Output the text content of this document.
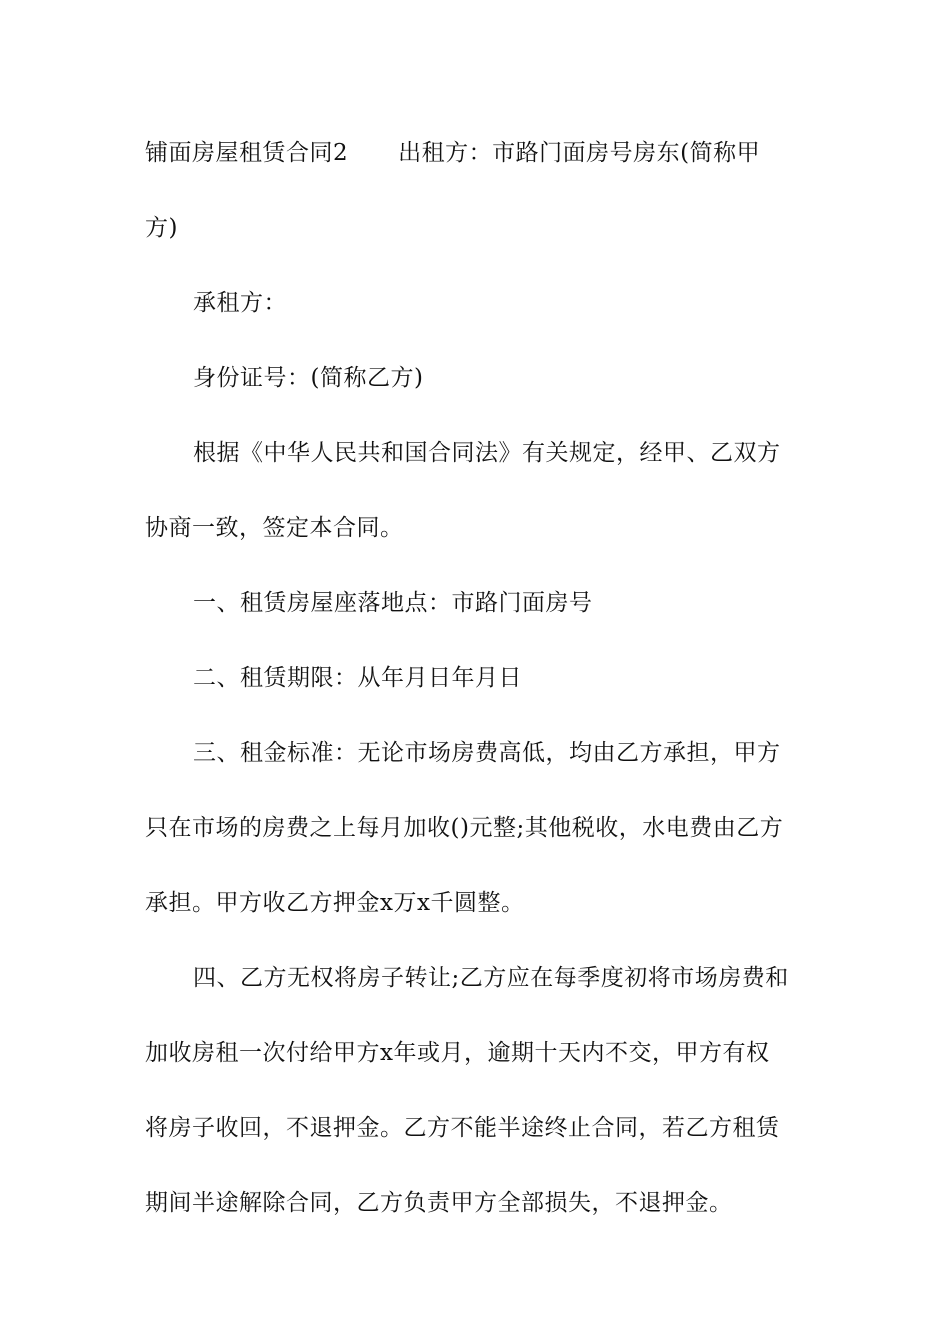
铺面房屋租赁合同2 出租方：市路门面房号房东(简称甲
方)
承租方：
身份证号：(简称乙方)
根据《中华人民共和国合同法》有关规定，经甲、乙双方
协商一致，签定本合同。
一、租赁房屋座落地点：市路门面房号
二、租赁期限：从年月日年月日
三、租金标准：无论市场房费高低，均由乙方承担，甲方
只在市场的房费之上每月加收()元整;其他税收，水电费由乙方
承担。甲方收乙方押金x万x千圆整。
四、乙方无权将房子转让;乙方应在每季度初将市场房费和
加收房租一次付给甲方x年或月，逾期十天内不交，甲方有权
将房子收回，不退押金。乙方不能半途终止合同，若乙方租赁
期间半途解除合同，乙方负责甲方全部损失，不退押金。
